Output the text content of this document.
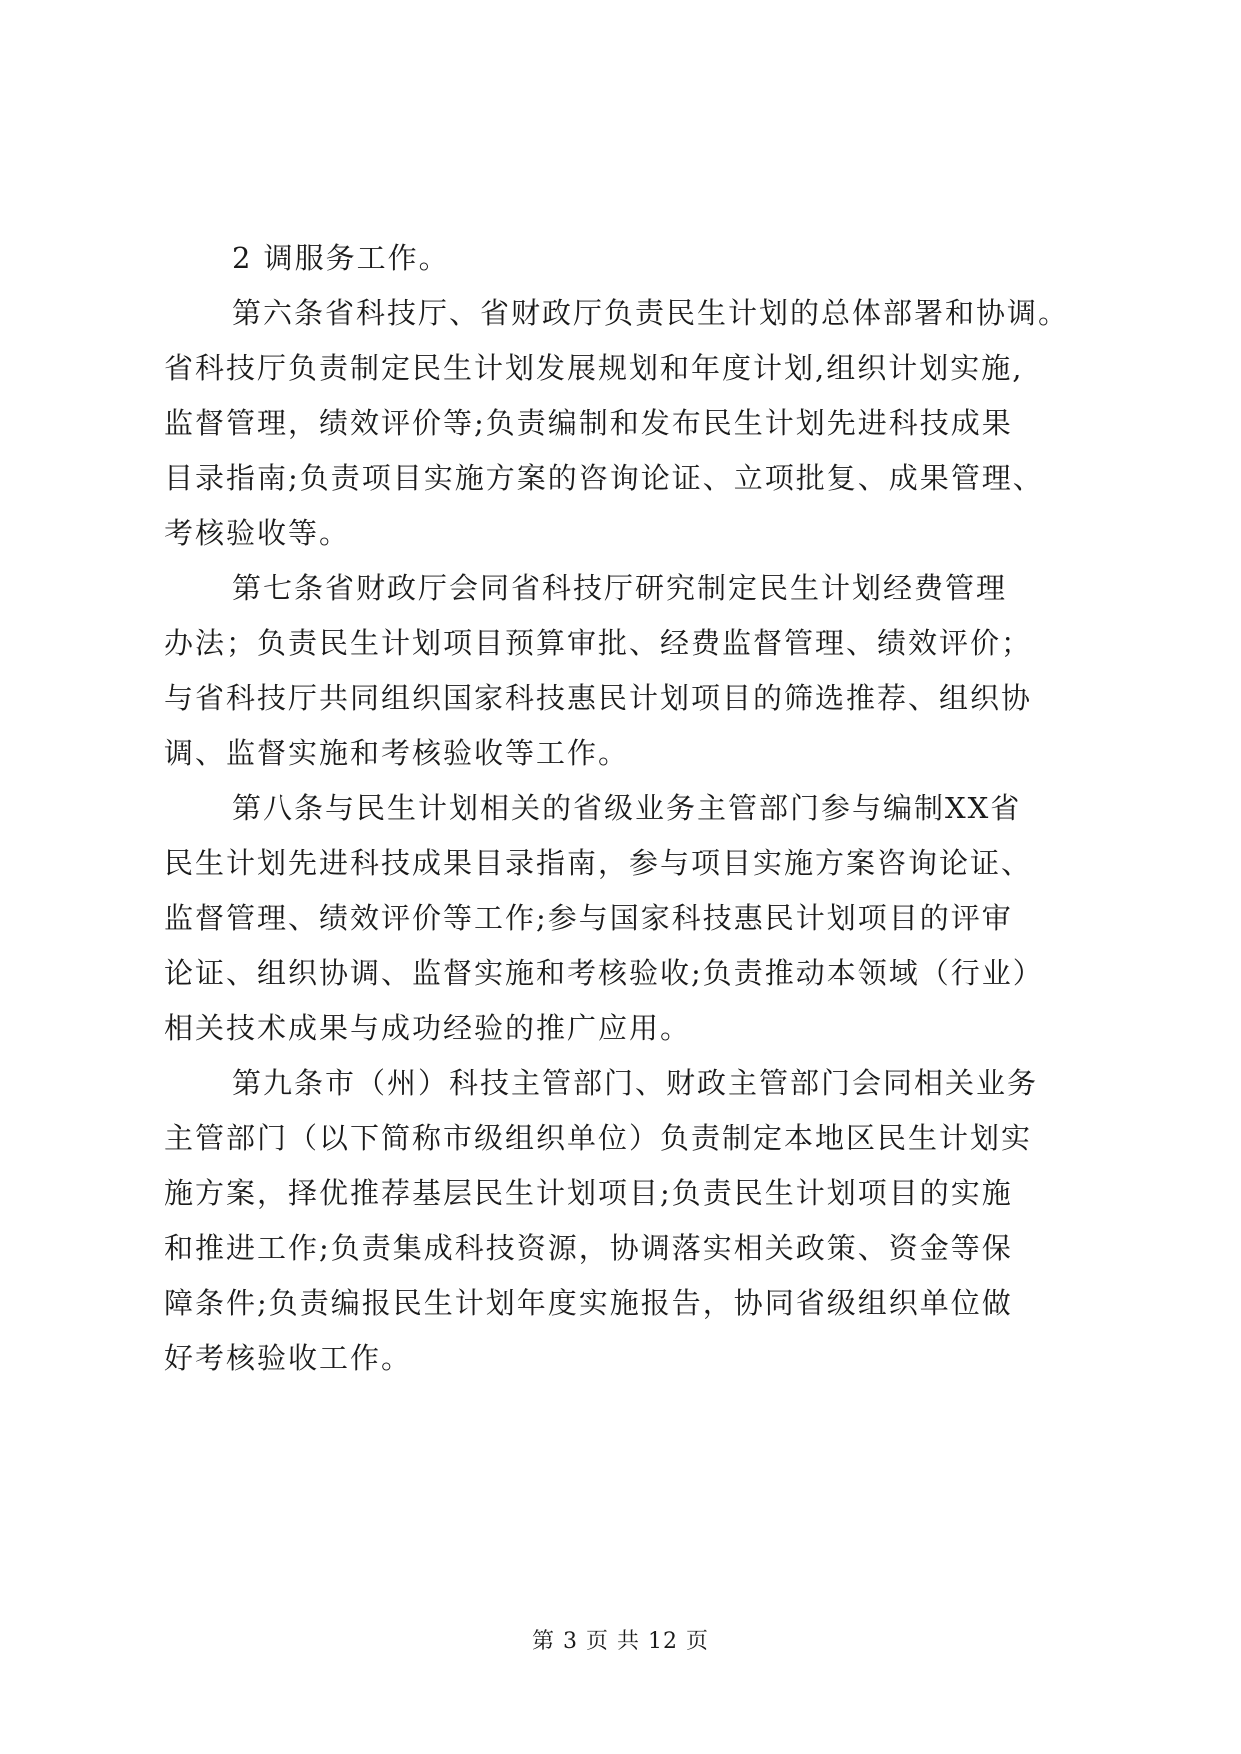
2 调服务工作。
第六条省科技厅、省财政厅负责民生计划的总体部署和协调。
省科技厅负责制定民生计划发展规划和年度计划,组织计划实施,
监督管理，绩效评价等;负责编制和发布民生计划先进科技成果
目录指南;负责项目实施方案的咨询论证、立项批复、成果管理、
考核验收等。
第七条省财政厅会同省科技厅研究制定民生计划经费管理
办法；负责民生计划项目预算审批、经费监督管理、绩效评价；
与省科技厅共同组织国家科技惠民计划项目的筛选推荐、组织协
调、监督实施和考核验收等工作。
第八条与民生计划相关的省级业务主管部门参与编制XX省
民生计划先进科技成果目录指南，参与项目实施方案咨询论证、
监督管理、绩效评价等工作;参与国家科技惠民计划项目的评审
论证、组织协调、监督实施和考核验收;负责推动本领域（行业）
相关技术成果与成功经验的推广应用。
第九条市（州）科技主管部门、财政主管部门会同相关业务
主管部门（以下简称市级组织单位）负责制定本地区民生计划实
施方案，择优推荐基层民生计划项目;负责民生计划项目的实施
和推进工作;负责集成科技资源，协调落实相关政策、资金等保
障条件;负责编报民生计划年度实施报告，协同省级组织单位做
好考核验收工作。
第 3 页 共 12 页
